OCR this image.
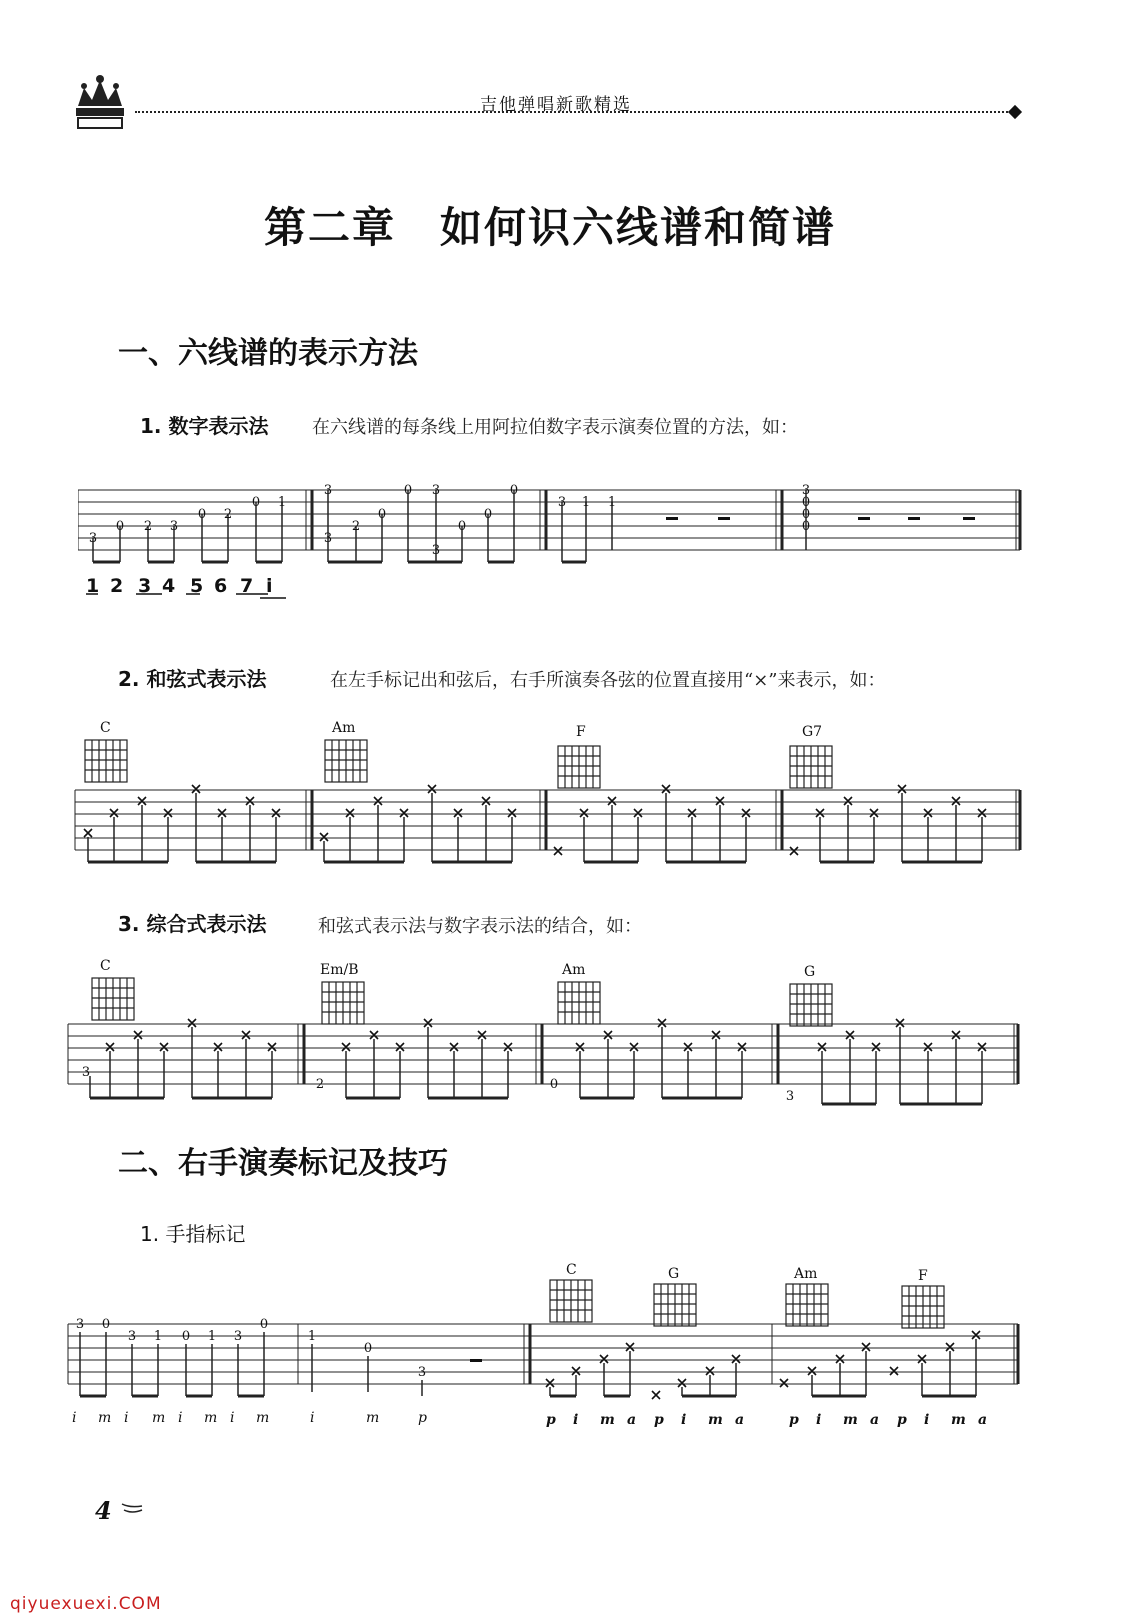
吉他弹唱新歌精选
第二章　如何识六线谱和简谱
一、六线谱的表示方法
1. 数字表示法 在六线谱的每条线上用阿拉伯数字表示演奏位置的方法，如：
3
0 2 3
0 2
0 1
3
3
2
0
0 3
3
0
0
0
3 1 1
3
0
0
0
1 2 3 4 5 6 7 i
2. 和弦式表示法	在左手标记出和弦后，右手所演奏各弦的位置直接用“×”来表示，如：
C	Am	F	G7
3. 综合式表示法	和弦式表示法与数字表示法的结合，如：
3
2	0
3
C	Em/B	Am	G
二、右手演奏标记及技巧
1. 手指标记
3 0
3 1 0 1 3
0
1
0
3
C	G	Am	F
i m i m i m i m	i	m	p	p i m a p i m a	p i m a p i m a
4
qiyuexuexi.COM
